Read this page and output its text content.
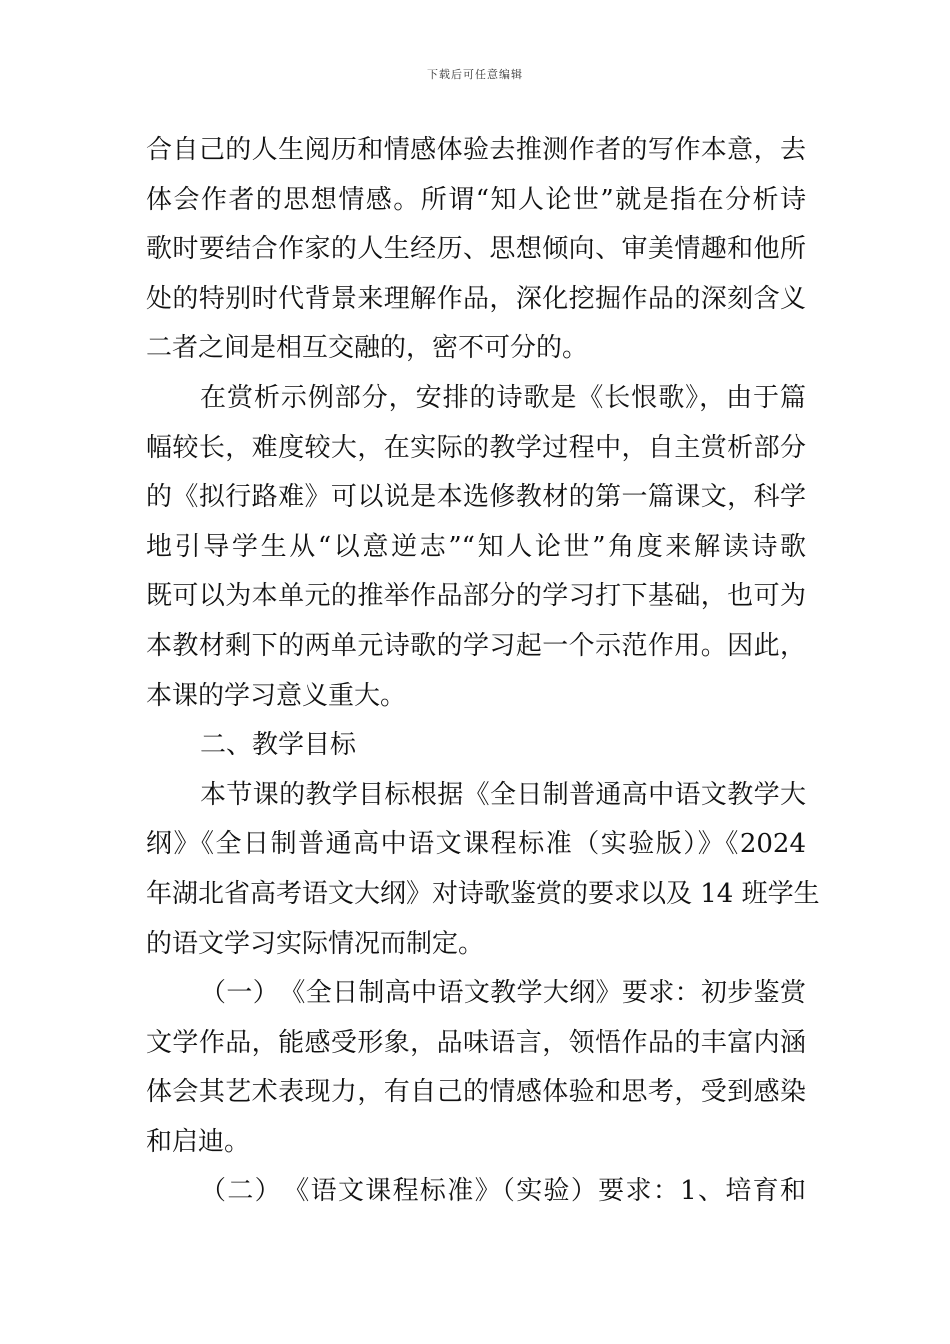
下载后可任意编辑
合自己的人生阅历和情感体验去推测作者的写作本意，去
体会作者的思想情感。所谓“知人论世”就是指在分析诗
歌时要结合作家的人生经历、思想倾向、审美情趣和他所
处的特别时代背景来理解作品，深化挖掘作品的深刻含义
二者之间是相互交融的，密不可分的。
在赏析示例部分，安排的诗歌是《长恨歌》，由于篇
幅较长，难度较大，在实际的教学过程中，自主赏析部分
的《拟行路难》可以说是本选修教材的第一篇课文，科学
地引导学生从“以意逆志”“知人论世”角度来解读诗歌
既可以为本单元的推举作品部分的学习打下基础，也可为
本教材剩下的两单元诗歌的学习起一个示范作用。因此，
本课的学习意义重大。
二、教学目标
本节课的教学目标根据《全日制普通高中语文教学大
纲》《全日制普通高中语文课程标准（实验版）》《2024
年湖北省高考语文大纲》对诗歌鉴赏的要求以及 14 班学生
的语文学习实际情况而制定。
（一）　《全日制高中语文教学大纲》要求：初步鉴赏
文学作品，能感受形象，品味语言，领悟作品的丰富内涵
体会其艺术表现力，有自己的情感体验和思考，受到感染
和启迪。
（二）　《语文课程标准》（实验）要求：1、培育和
